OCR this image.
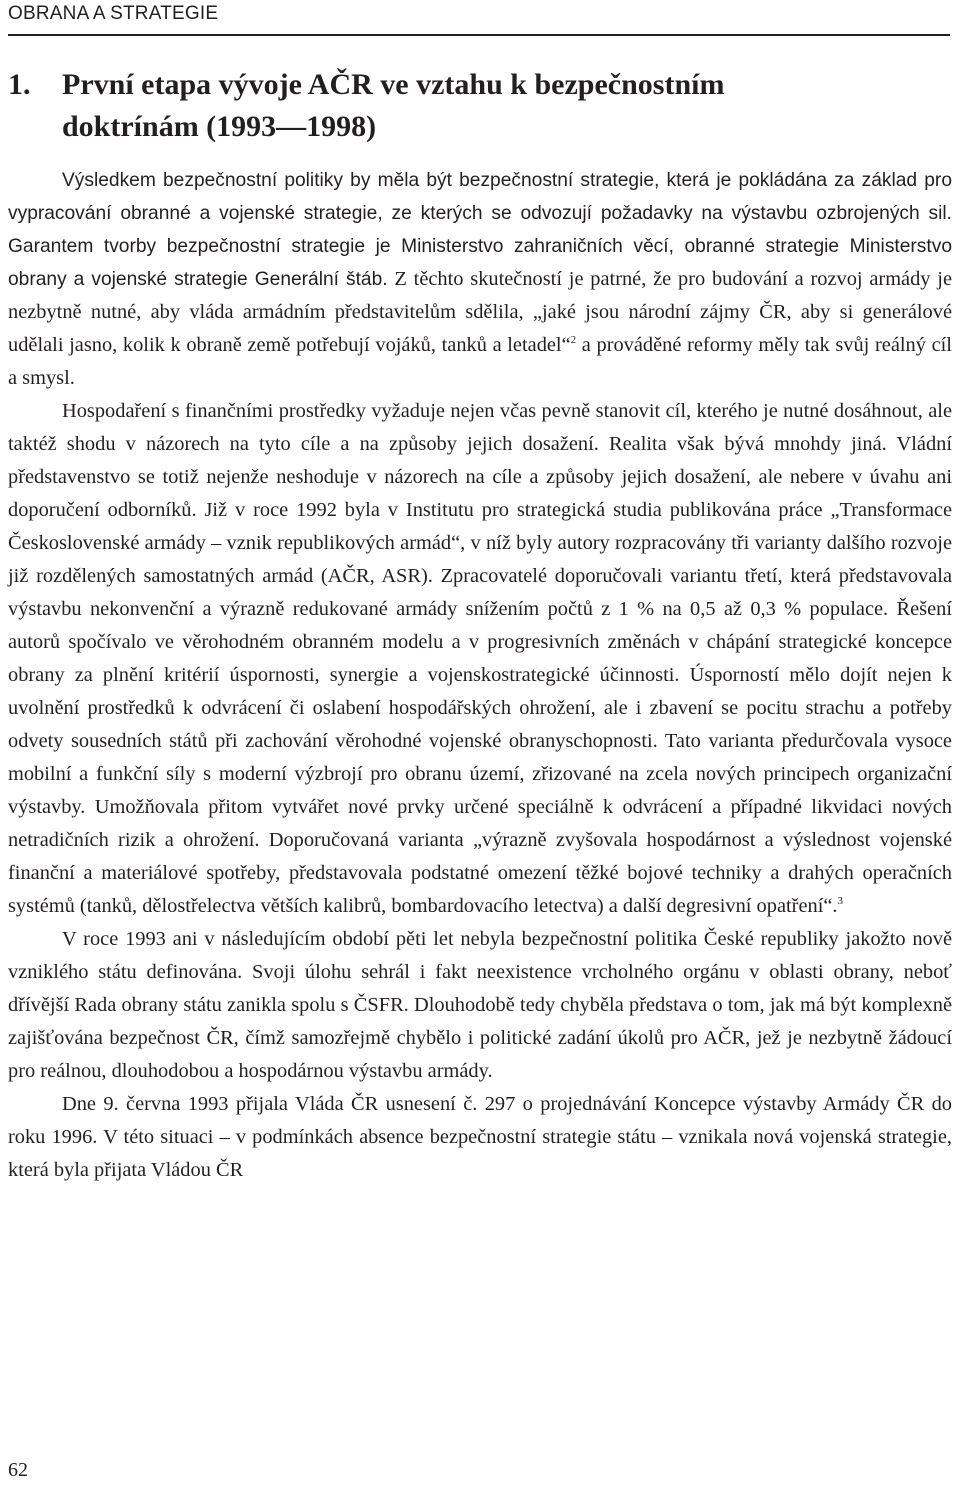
OBRANA A STRATEGIE
1. První etapa vývoje AČR ve vztahu k bezpečnostním
doktrínám (1993—1998)

Výsledkem bezpečnostní politiky by měla být bezpečnostní strategie, která je pokládána za základ pro vypracování obranné a vojenské strategie, ze kterých se odvozují požadavky na výstavbu ozbrojených sil. Garantem tvorby bezpečnostní strategie je Ministerstvo zahraničních věcí, obranné strategie Ministerstvo obrany a vojenské strategie Generální štáb. Z těchto skutečností je patrné, že pro budování a rozvoj armády je nezbytně nutné, aby vláda armádním představitelům sdělila, „jaké jsou národní zájmy ČR, aby si generálové udělali jasno, kolik k obraně země potřebují vojáků, tanků a letadel“$^2$ a prováděné reformy měly tak svůj reálný cíl a smysl.

Hospodaření s finančními prostředky vyžaduje nejen včas pevně stanovit cíl, kterého je nutné dosáhnout, ale taktéž shodu v názorech na tyto cíle a na způsoby jejich dosažení. Realita však bývá mnohdy jiná. Vládní představenstvo se totiž nejenže neshoduje v názorech na cíle a způsoby jejich dosažení, ale nebere v úvahu ani doporučení odborníků. Již v roce 1992 byla v Institutu pro strategická studia publikována práce „Transformace Československé armády – vznik republikových armád“, v níž byly autory rozpracovány tři varianty dalšího rozvoje již rozdělených samostatných armád (AČR, ASR). Zpracovatelé doporučovali variantu třetí, která představovala výstavbu nekonvenční a výrazně redukované armády snížením počtů z 1 % na 0,5 až 0,3 % populace. Řešení autorů spočívalo ve věrohodném obranném modelu a v progresivních změnách v chápání strategické koncepce obrany za plnění kritérií úspornosti, synergie a vojenskostrategické účinnosti. Úsporností mělo dojít nejen k uvolnění prostředků k odvrácení či oslabení hospodářských ohrožení, ale i zbavení se pocitu strachu a potřeby odvety sousedních států při zachování věrohodné vojenské obranyschopnosti. Tato varianta předurčovala vysoce mobilní a funkční síly s moderní výzbrojí pro obranu území, zřizované na zcela nových principech organizační výstavby. Umožňovala přitom vytvářet nové prvky určené speciálně k odvrácení a případné likvidaci nových netradičních rizik a ohrožení. Doporučovaná varianta „výrazně zvyšovala hospodárnost a výslednost vojenské finanční a materiálové spotřeby, představovala podstatné omezení těžké bojové techniky a drahých operačních systémů (tanků, dělostřelectva větších kalibrů, bombardovacího letectva) a další degresivní opatření“.$^3$

V roce 1993 ani v následujícím období pěti let nebyla bezpečnostní politika České republiky jakožto nově vzniklého státu definována. Svoji úlohu sehrál i fakt neexistence vrcholného orgánu v oblasti obrany, neboť dřívější Rada obrany státu zanikla spolu s ČSFR. Dlouhodobě tedy chyběla představa o tom, jak má být komplexně zajišťována bezpečnost ČR, čímž samozřejmě chybělo i politické zadání úkolů pro AČR, jež je nezbytně žádoucí pro reálnou, dlouhodobou a hospodárnou výstavbu armády.

Dne 9. června 1993 přijala Vláda ČR usnesení č. 297 o projednávání Koncepce výstavby Armády ČR do roku 1996. V této situaci – v podmínkách absence bezpečnostní strategie státu – vznikala nová vojenská strategie, která byla přijata Vládou ČR

62
